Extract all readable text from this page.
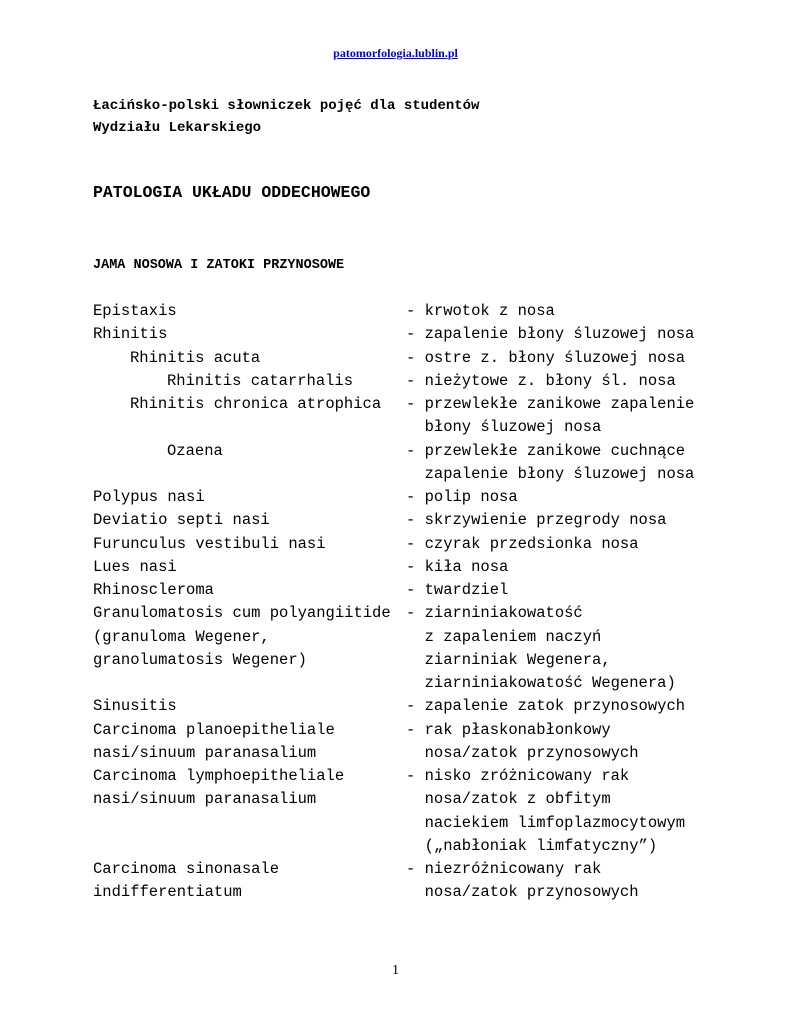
patomorfologia.lublin.pl
Łacińsko-polski słowniczek pojęć dla studentów
Wydziału Lekarskiego
PATOLOGIA UKŁADU ODDECHOWEGO
JAMA NOSOWA I ZATOKI PRZYNOSOWE
Epistaxis	- krwotok z nosa
Rhinitis	- zapalenie błony śluzowej nosa
Rhinitis acuta	- ostre z. błony śluzowej nosa
Rhinitis catarrhalis	- nieżytowe z. błony śl. nosa
Rhinitis chronica atrophica - przewlekłe zanikowe zapalenie
błony śluzowej nosa
Ozaena	- przewlekłe zanikowe cuchnące
zapalenie błony śluzowej nosa
Polypus nasi	- polip nosa
Deviatio septi nasi	- skrzywienie przegrody nosa
Furunculus vestibuli nasi	- czyrak przedsionka nosa
Lues nasi	- kiła nosa
Rhinoscleroma	- twardziel
Granulomatosis cum polyangiitide - ziarniniakowatość
(granuloma Wegener,	z zapaleniem naczyń
granolumatosis Wegener)	ziarniniak Wegenera,
ziarniniakowatość Wegenera)
Sinusitis	- zapalenie zatok przynosowych
Carcinoma planoepitheliale	- rak płaskonabłonkowy
nasi/sinuum paranasalium	nosa/zatok przynosowych
Carcinoma lymphoepitheliale	- nisko zróżnicowany rak
nasi/sinuum paranasalium	nosa/zatok z obfitym
naciekiem limfoplazmocytowym
(„nabłoniak limfatyczny”)
Carcinoma sinonasale	- niezróżnicowany rak
indifferentiatum	nosa/zatok przynosowych
1
